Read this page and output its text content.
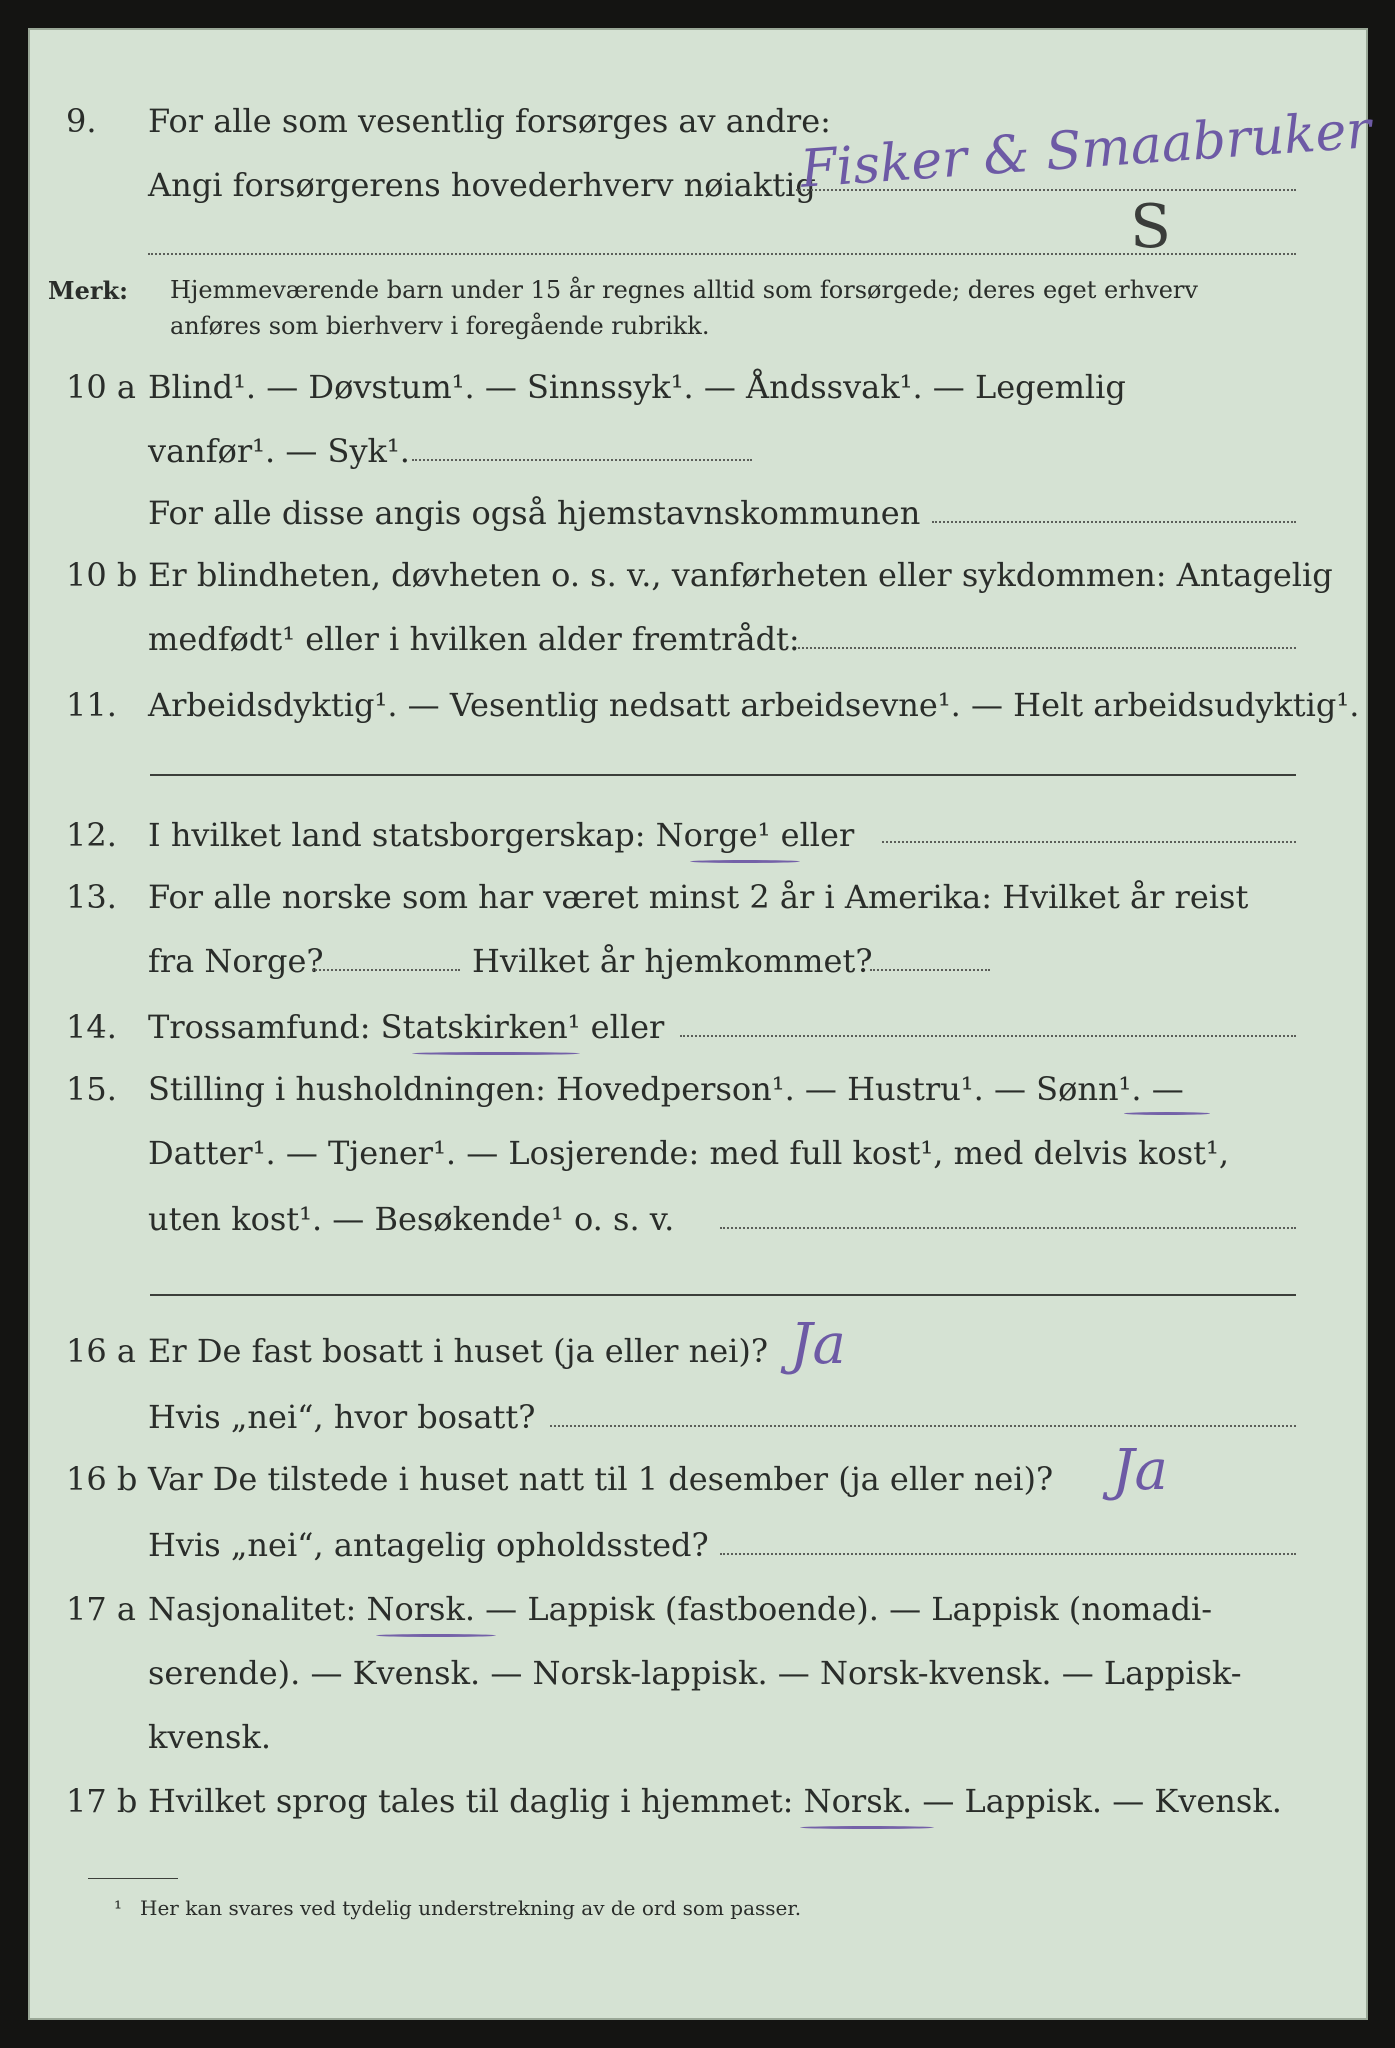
9.	For alle som vesentlig forsørges av andre:
Angi forsørgerens hovederhverv nøiaktig
Fisker & Smaabruker
S
Merk:	Hjemmeværende barn under 15 år regnes alltid som forsørgede; deres eget erhverv
anføres som bierhverv i foregående rubrikk.
10 a Blind¹. — Døvstum¹. — Sinnssyk¹. — Åndssvak¹. — Legemlig
vanfør¹. — Syk¹.
For alle disse angis også hjemstavnskommunen
10 b Er blindheten, døvheten o. s. v., vanførheten eller sykdommen: Antagelig
medfødt¹ eller i hvilken alder fremtrådt:
11. Arbeidsdyktig¹. — Vesentlig nedsatt arbeidsevne¹. — Helt arbeidsudyktig¹.
12. I hvilket land statsborgerskap: Norge¹ eller
13. For alle norske som har været minst 2 år i Amerika: Hvilket år reist
fra Norge?	Hvilket år hjemkommet?
14. Trossamfund: Statskirken¹ eller
15. Stilling i husholdningen: Hovedperson¹. — Hustru¹. — Sønn¹. —
Datter¹. — Tjener¹. — Losjerende: med full kost¹, med delvis kost¹,
uten kost¹. — Besøkende¹ o. s. v.
16 a Er De fast bosatt i huset (ja eller nei)? Ja
Hvis „nei“, hvor bosatt?
16 b Var De tilstede i huset natt til 1 desember (ja eller nei)? Ja
Hvis „nei“, antagelig opholdssted?
17 a Nasjonalitet: Norsk. — Lappisk (fastboende). — Lappisk (nomadi-
serende). — Kvensk. — Norsk-lappisk. — Norsk-kvensk. — Lappisk-
kvensk.
17 b Hvilket sprog tales til daglig i hjemmet: Norsk. — Lappisk. — Kvensk.
¹ Her kan svares ved tydelig understrekning av de ord som passer.
